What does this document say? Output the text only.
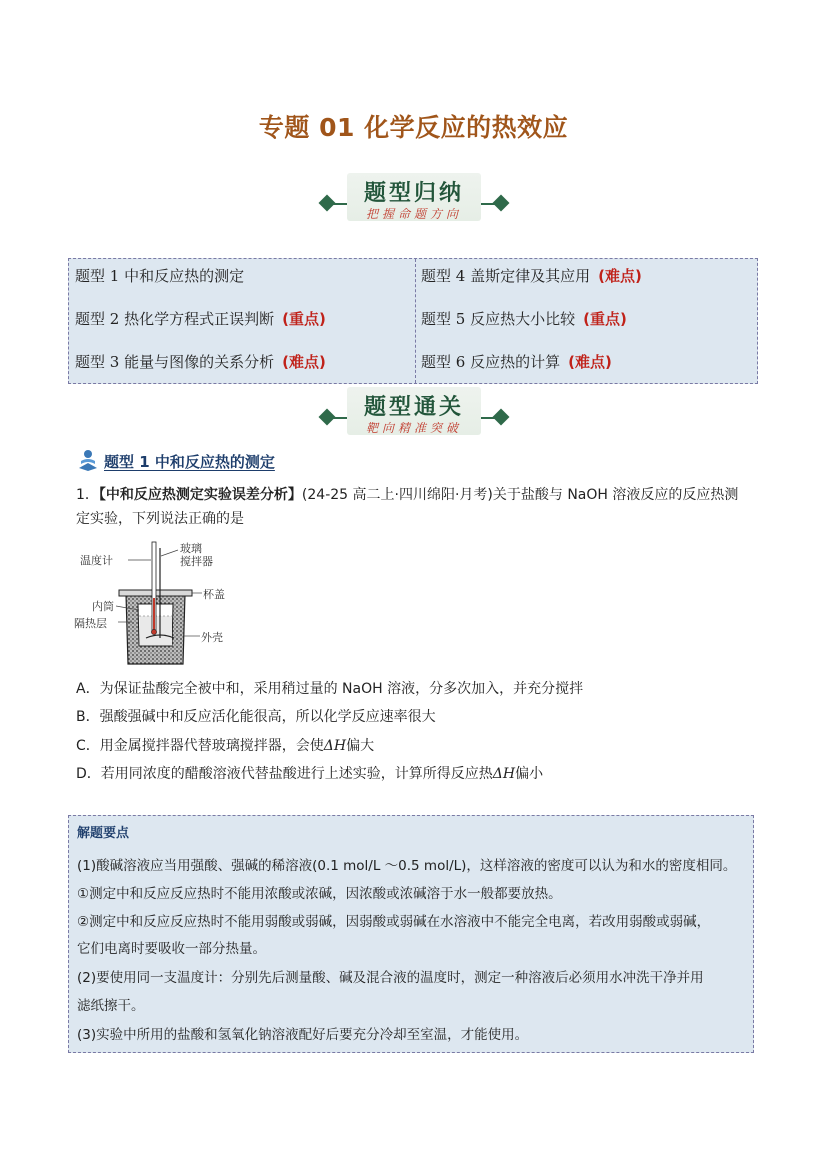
专题 01 化学反应的热效应
题型归纳
把握命题方向
题型 1 中和反应热的测定
题型 2 热化学方程式正误判断 (重点)
题型 3 能量与图像的关系分析 (难点)
题型 4 盖斯定律及其应用 (难点)
题型 5 反应热大小比较 (重点)
题型 6 反应热的计算 (难点)
题型通关
靶向精准突破
题型 1 中和反应热的测定
1．【中和反应热测定实验误差分析】(24-25 高二上·四川绵阳·月考)关于盐酸与 NaOH 溶液反应的反应热测
定实验，下列说法正确的是
温度计
玻璃
搅拌器
杯盖
内筒
隔热层
外壳
A．为保证盐酸完全被中和，采用稍过量的 NaOH 溶液，分多次加入，并充分搅拌
B．强酸强碱中和反应活化能很高，所以化学反应速率很大
C．用金属搅拌器代替玻璃搅拌器，会使ΔH偏大
D．若用同浓度的醋酸溶液代替盐酸进行上述实验，计算所得反应热ΔH偏小
解题要点
(1)酸碱溶液应当用强酸、强碱的稀溶液(0.1 mol/L ～0.5 mol/L)，这样溶液的密度可以认为和水的密度相同。
①测定中和反应反应热时不能用浓酸或浓碱，因浓酸或浓碱溶于水一般都要放热。
②测定中和反应反应热时不能用弱酸或弱碱，因弱酸或弱碱在水溶液中不能完全电离，若改用弱酸或弱碱，
它们电离时要吸收一部分热量。
(2)要使用同一支温度计：分别先后测量酸、碱及混合液的温度时，测定一种溶液后必须用水冲洗干净并用
滤纸擦干。
(3)实验中所用的盐酸和氢氧化钠溶液配好后要充分冷却至室温，才能使用。
